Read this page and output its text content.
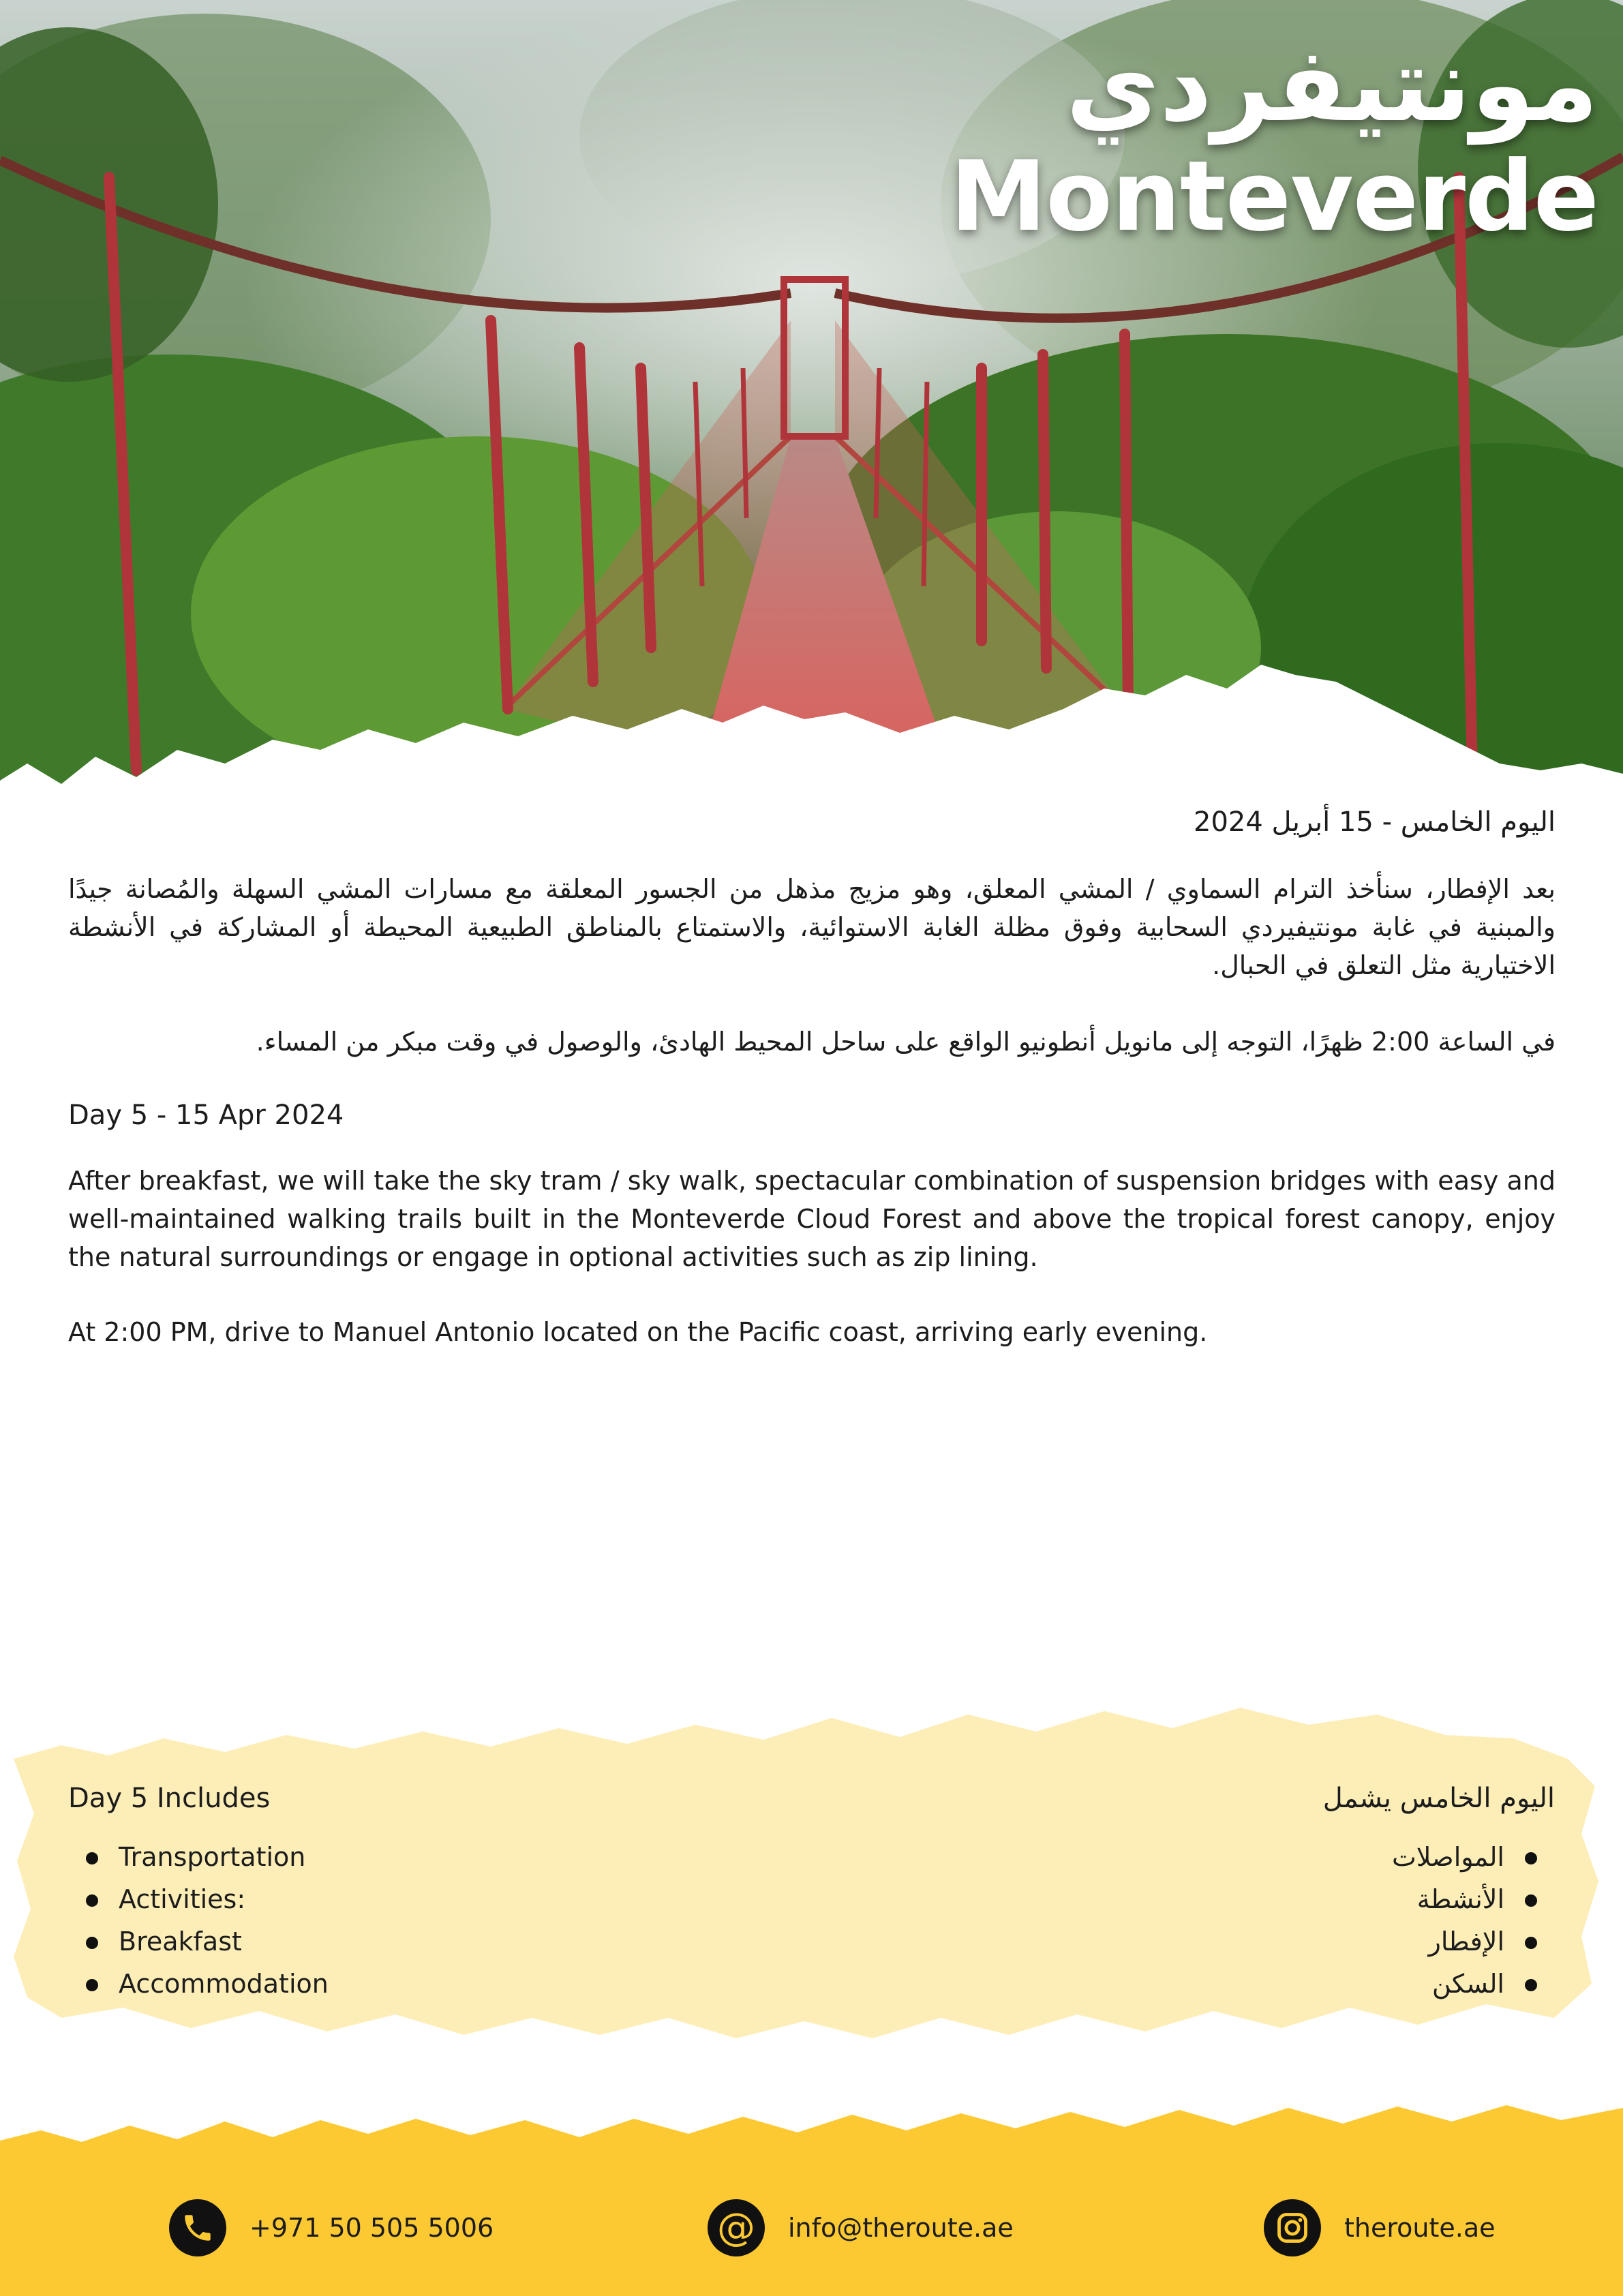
مونتيفردي
Monteverde
اليوم الخامس - 15 أبريل 2024

بعد الإفطار، سنأخذ الترام السماوي / المشي المعلق، وهو مزيج مذهل من الجسور المعلقة مع مسارات المشي السهلة والمُصانة جيدًا والمبنية في غابة مونتيفيردي السحابية وفوق مظلة الغابة الاستوائية، والاستمتاع بالمناطق الطبيعية المحيطة أو المشاركة في الأنشطة الاختيارية مثل التعلق في الحبال.

في الساعة 2:00 ظهرًا، التوجه إلى مانويل أنطونيو الواقع على ساحل المحيط الهادئ، والوصول في وقت مبكر من المساء.

Day 5 - 15 Apr 2024

After breakfast, we will take the sky tram / sky walk, spectacular combination of suspension bridges with easy and well-maintained walking trails built in the Monteverde Cloud Forest and above the tropical forest canopy, enjoy the natural surroundings or engage in optional activities such as zip lining.

At 2:00 PM, drive to Manuel Antonio located on the Pacific coast, arriving early evening.

Day 5 Includes
Transportation
Activities:
Breakfast
Accommodation
اليوم الخامس يشمل
المواصلات
الأنشطة
الإفطار
السكن
+971 50 505 5006	@ info@theroute.ae	theroute.ae
